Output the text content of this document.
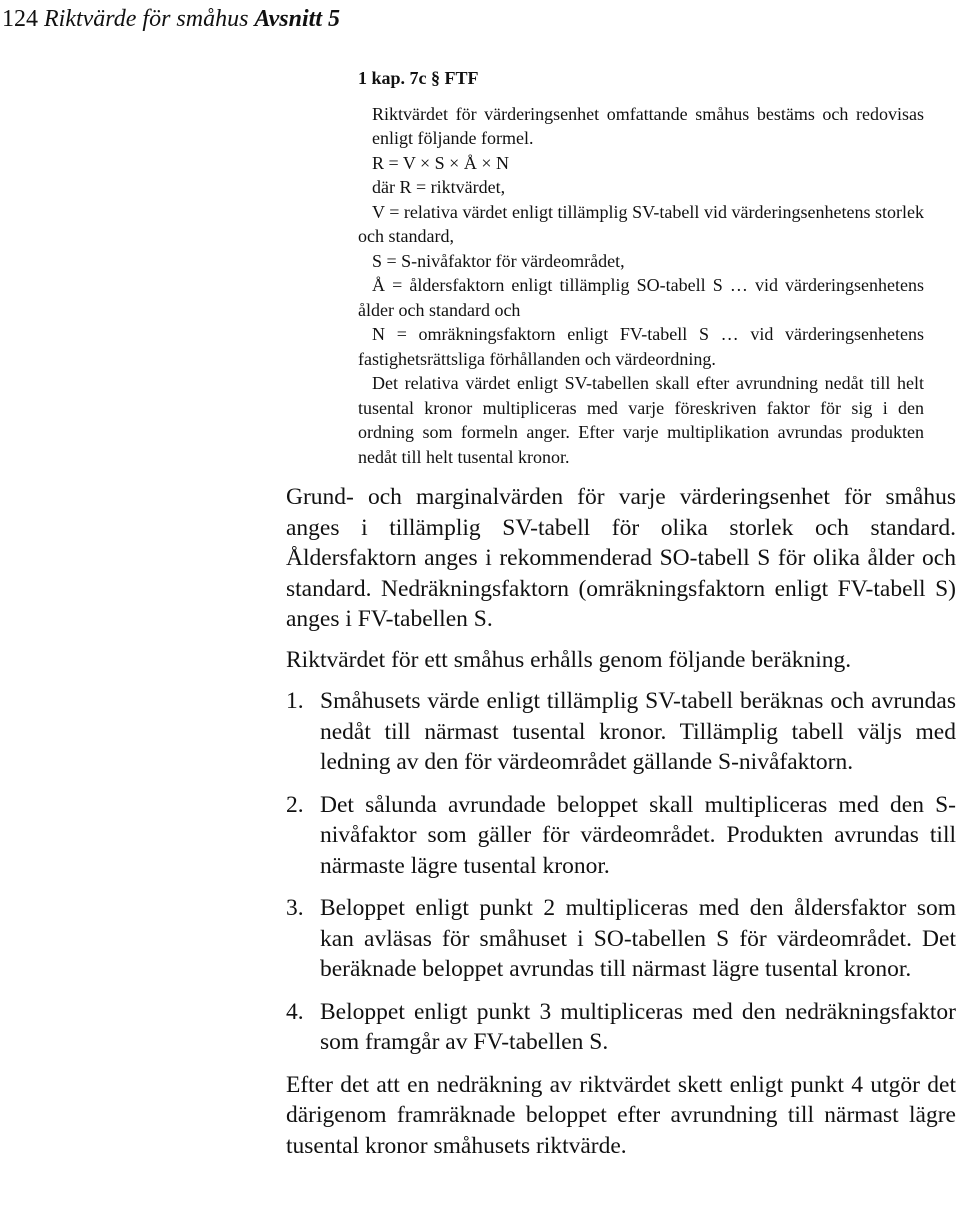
124 Riktvärde för småhus Avsnitt 5
1 kap. 7c § FTF
Riktvärdet för värderingsenhet omfattande småhus bestäms och redovisas enligt följande formel.
R = V × S × Å × N
där R = riktvärdet,
V = relativa värdet enligt tillämplig SV-tabell vid värderingsenhetens storlek och standard,
S = S-nivåfaktor för värdeområdet,
Å = åldersfaktorn enligt tillämplig SO-tabell S … vid värderingsenhetens ålder och standard och
N = omräkningsfaktorn enligt FV-tabell S … vid värderingsenhetens fastighetsrättsliga förhållanden och värdeordning.
Det relativa värdet enligt SV-tabellen skall efter avrundning nedåt till helt tusental kronor multipliceras med varje föreskriven faktor för sig i den ordning som formeln anger. Efter varje multiplikation avrundas produkten nedåt till helt tusental kronor.
Grund- och marginalvärden för varje värderingsenhet för småhus anges i tillämplig SV-tabell för olika storlek och standard. Åldersfaktorn anges i rekommenderad SO-tabell S för olika ålder och standard. Nedräkningsfaktorn (omräkningsfaktorn enligt FV-tabell S) anges i FV-tabellen S.
Riktvärdet för ett småhus erhålls genom följande beräkning.
1. Småhusets värde enligt tillämplig SV-tabell beräknas och avrundas nedåt till närmast tusental kronor. Tillämplig tabell väljs med ledning av den för värdeområdet gällande S-nivåfaktorn.
2. Det sålunda avrundade beloppet skall multipliceras med den S-nivåfaktor som gäller för värdeområdet. Produkten avrundas till närmaste lägre tusental kronor.
3. Beloppet enligt punkt 2 multipliceras med den åldersfaktor som kan avläsas för småhuset i SO-tabellen S för värdeområdet. Det beräknade beloppet avrundas till närmast lägre tusental kronor.
4. Beloppet enligt punkt 3 multipliceras med den nedräkningsfaktor som framgår av FV-tabellen S.
Efter det att en nedräkning av riktvärdet skett enligt punkt 4 utgör det därigenom framräknade beloppet efter avrundning till närmast lägre tusental kronor småhusets riktvärde.
